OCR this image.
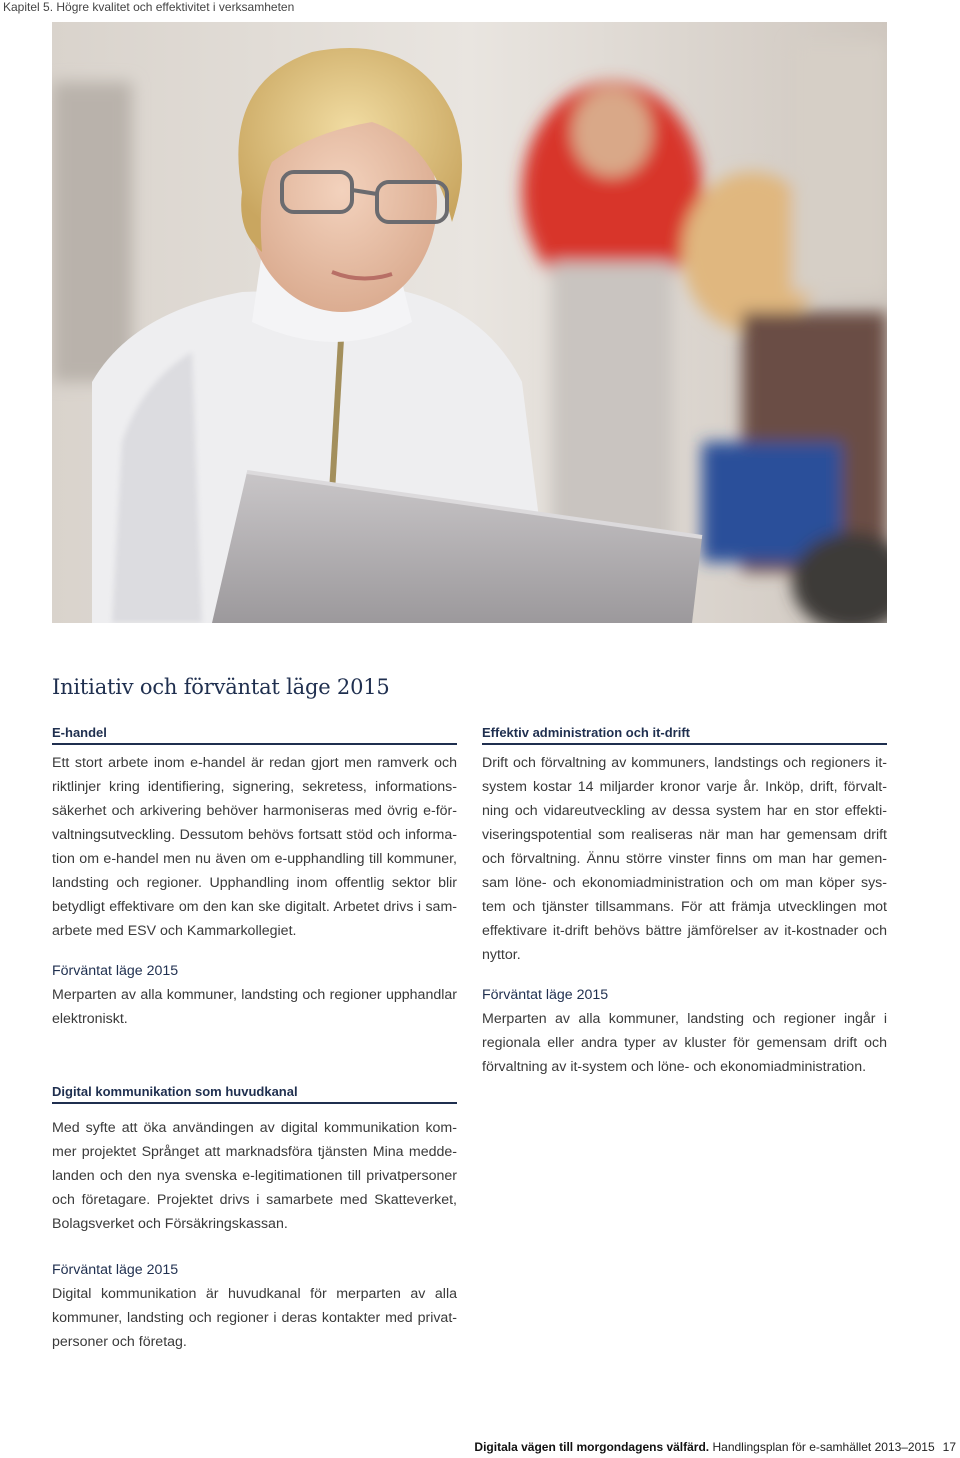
Kapitel 5. Högre kvalitet och effektivitet i verksamheten
Initiativ och förväntat läge 2015
E-handel

Ett stort arbete inom e-handel är redan gjort men ramverk och riktlinjer kring identifiering, signering, sekretess, informationssäkerhet och arkivering behöver harmoniseras med övrig e-förvaltningsutveckling. Dessutom behövs fortsatt stöd och information om e-handel men nu även om e-upphandling till kommuner, landsting och regioner. Upphandling inom offentlig sektor blir betydligt effektivare om den kan ske digitalt. Arbetet drivs i samarbete med ESV och Kammarkollegiet.

Förväntat läge 2015

Merparten av alla kommuner, landsting och regioner upphandlar elektroniskt.

Digital kommunikation som huvudkanal

Med syfte att öka användingen av digital kommunikation kommer projektet Språnget att marknadsföra tjänsten Mina meddelanden och den nya svenska e-legitimationen till privatpersoner och företagare. Projektet drivs i samarbete med Skatteverket, Bolagsverket och Försäkringskassan.

Förväntat läge 2015

Digital kommunikation är huvudkanal för merparten av alla kommuner, landsting och regioner i deras kontakter med privatpersoner och företag.

Effektiv administration och it-drift

Drift och förvaltning av kommuners, landstings och regioners it-system kostar 14 miljarder kronor varje år. Inköp, drift, förvaltning och vidareutveckling av dessa system har en stor effektiviseringspotential som realiseras när man har gemensam drift och förvaltning. Ännu större vinster finns om man har gemensam löne- och ekonomiadministration och om man köper system och tjänster tillsammans. För att främja utvecklingen mot effektivare it-drift behövs bättre jämförelser av it-kostnader och nyttor.

Förväntat läge 2015

Merparten av alla kommuner, landsting och regioner ingår i regionala eller andra typer av kluster för gemensam drift och förvaltning av it-system och löne- och ekonomiadministration.

Digitala vägen till morgondagens välfärd. Handlingsplan för e-samhället 2013–2015 17
